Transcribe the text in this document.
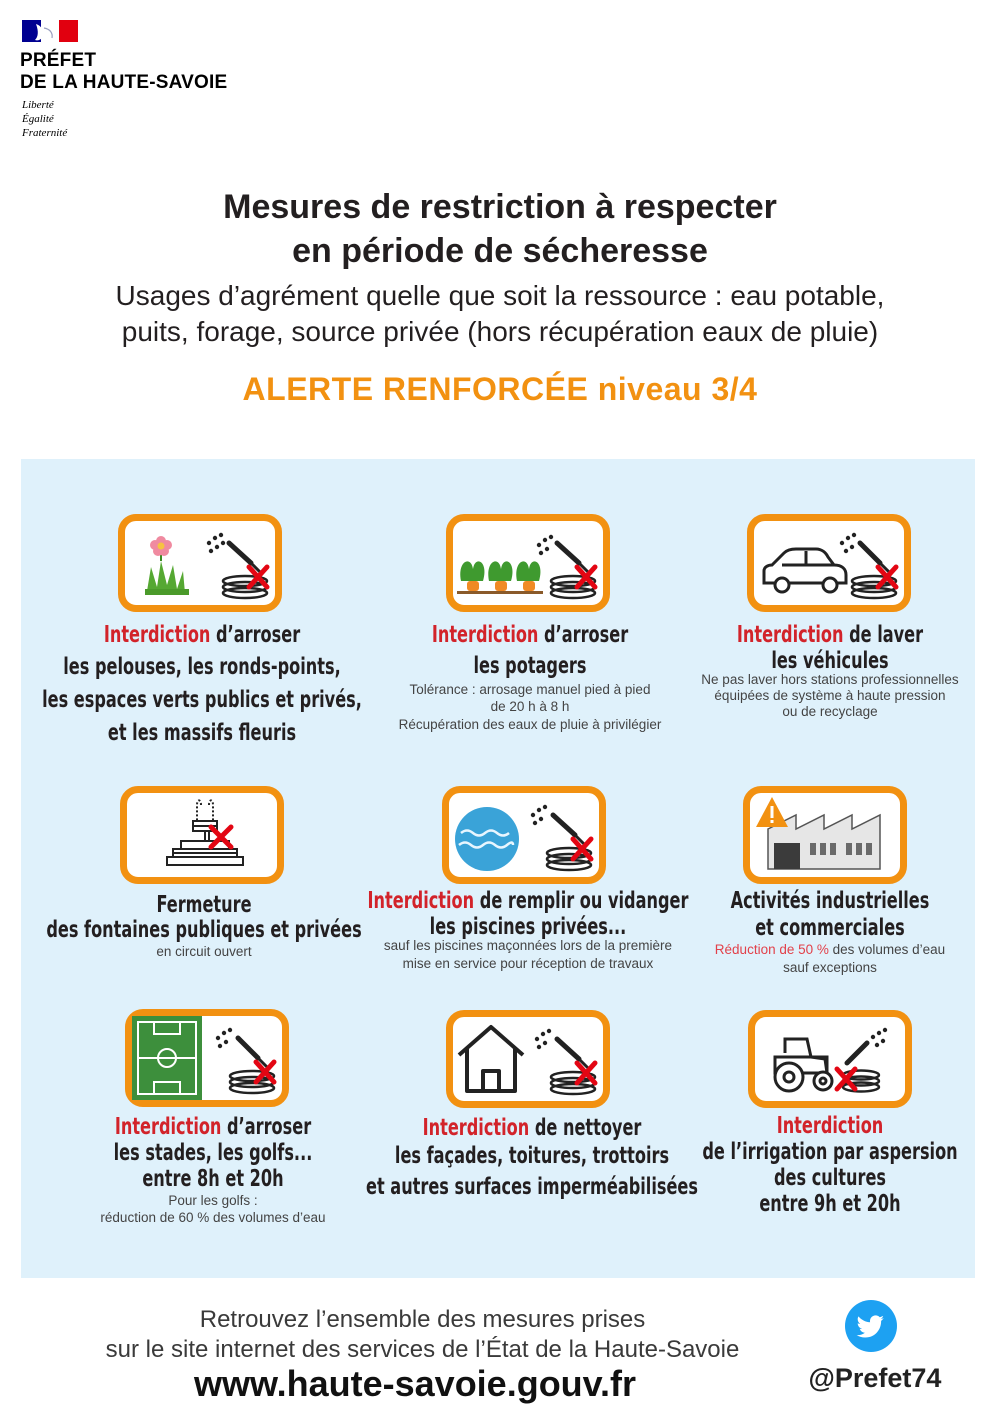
PRÉFET
DE LA HAUTE-SAVOIE
Liberté
Égalité
Fraternité
Mesures de restriction à respecter
en période de sécheresse
Usages d’agrément quelle que soit la ressource : eau potable,
puits, forage, source privée (hors récupération eaux de pluie)
ALERTE RENFORCÉE niveau 3/4
Interdiction d’arroser
les pelouses, les ronds-points,
les espaces verts publics et privés,
et les massifs fleuris
Interdiction d’arroser
les potagers
Tolérance : arrosage manuel pied à pied
de 20 h à 8 h
Récupération des eaux de pluie à privilégier
Interdiction de laver
les véhicules
Ne pas laver hors stations professionnelles
équipées de système à haute pression
ou de recyclage
Fermeture
des fontaines publiques et privées
en circuit ouvert
Interdiction de remplir ou vidanger
les piscines privées...
sauf les piscines maçonnées lors de la première
mise en service pour réception de travaux
Activités industrielles
et commerciales
Réduction de 50 % des volumes d’eau
sauf exceptions
Interdiction d’arroser
les stades, les golfs...
entre 8h et 20h
Pour les golfs :
réduction de 60 % des volumes d’eau
Interdiction de nettoyer
les façades, toitures, trottoirs
et autres surfaces imperméabilisées
Interdiction
de l’irrigation par aspersion
des cultures
entre 9h et 20h
Retrouvez l’ensemble des mesures prises
sur le site internet des services de l’État de la Haute-Savoie
www.haute-savoie.gouv.fr	@Prefet74
